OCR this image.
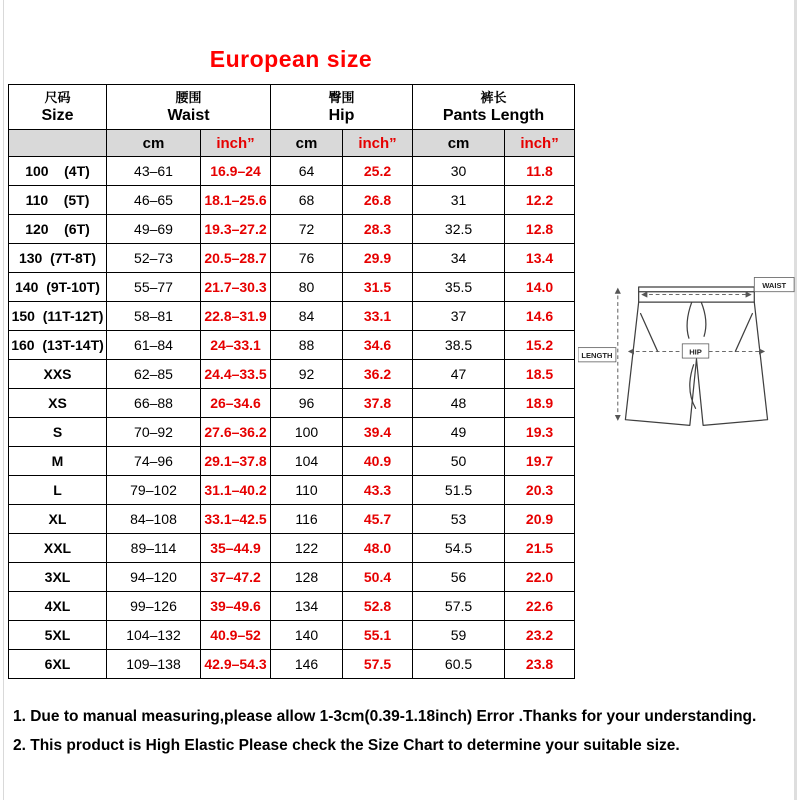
European size
尺码
Size

腰围
Waist

臀围
Hip

裤长
Pants Length

	cm	inch”	cm	inch”	cm	inch”
100    (4T)	43–61	16.9–24	64	25.2	30	11.8
110    (5T)	46–65	18.1–25.6	68	26.8	31	12.2
120    (6T)	49–69	19.3–27.2	72	28.3	32.5	12.8
130  (7T-8T)	52–73	20.5–28.7	76	29.9	34	13.4
140  (9T-10T)	55–77	21.7–30.3	80	31.5	35.5	14.0
150  (11T-12T)	58–81	22.8–31.9	84	33.1	37	14.6
160  (13T-14T)	61–84	24–33.1	88	34.6	38.5	15.2
XXS	62–85	24.4–33.5	92	36.2	47	18.5
XS	66–88	26–34.6	96	37.8	48	18.9
S	70–92	27.6–36.2	100	39.4	49	19.3
M	74–96	29.1–37.8	104	40.9	50	19.7
L	79–102	31.1–40.2	110	43.3	51.5	20.3
XL	84–108	33.1–42.5	116	45.7	53	20.9
XXL	89–114	35–44.9	122	48.0	54.5	21.5
3XL	94–120	37–47.2	128	50.4	56	22.0
4XL	99–126	39–49.6	134	52.8	57.5	22.6
5XL	104–132	40.9–52	140	55.1	59	23.2
6XL	109–138	42.9–54.3	146	57.5	60.5	23.8
WAIST
HIP
LENGTH

1. Due to manual measuring,please allow 1-3cm(0.39-1.18inch) Error .Thanks for your understanding.

2. This product is High Elastic Please check the Size Chart to determine your suitable size.
